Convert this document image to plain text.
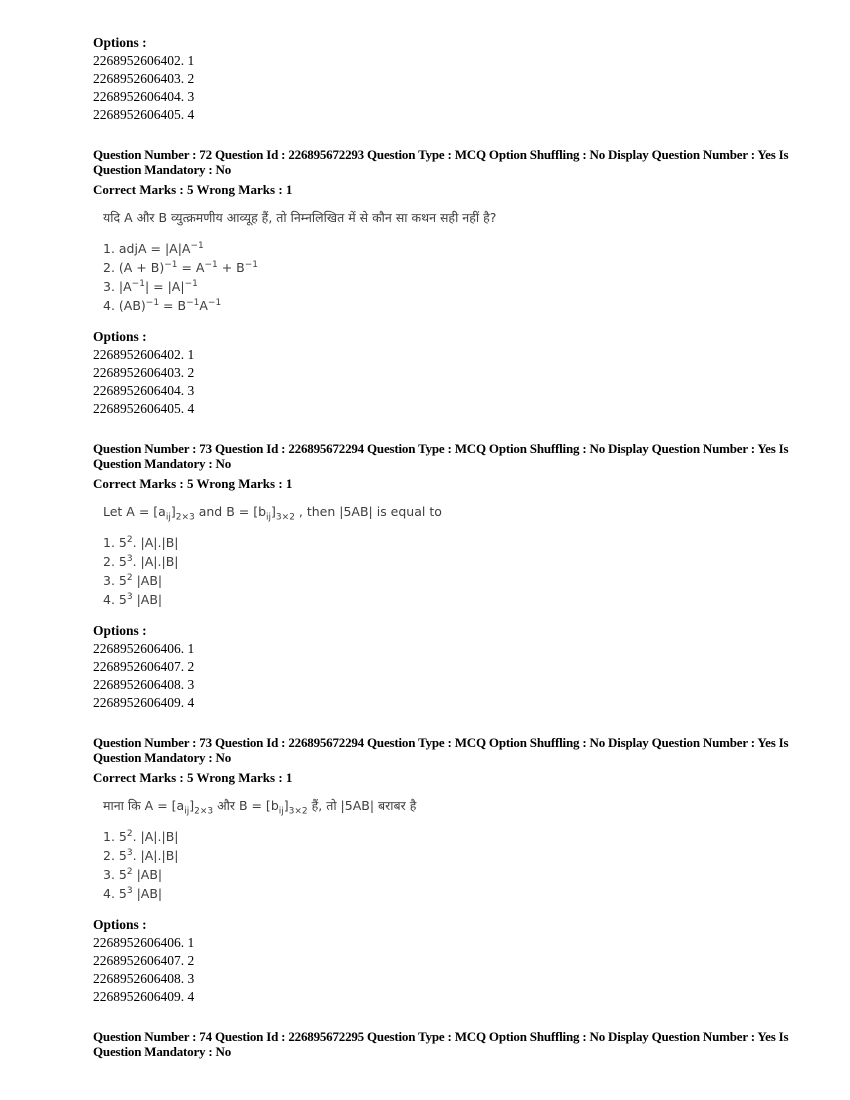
Options :
2268952606402. 1
2268952606403. 2
2268952606404. 3
2268952606405. 4
Question Number : 72 Question Id : 226895672293 Question Type : MCQ Option Shuffling : No Display Question Number : Yes Is
Question Mandatory : No
Correct Marks : 5 Wrong Marks : 1
यदि A और B व्युत्क्रमणीय आव्यूह हैं, तो निम्नलिखित में से कौन सा कथन सही नहीं है?
1. adjA = $|A|A^{-1}$
2. $(A + B)^{-1} = A^{-1} + B^{-1}$
3. $|A^{-1}| = |A|^{-1}$
4. $(AB)^{-1} = B^{-1}A^{-1}$
Options :
2268952606402. 1
2268952606403. 2
2268952606404. 3
2268952606405. 4
Question Number : 73 Question Id : 226895672294 Question Type : MCQ Option Shuffling : No Display Question Number : Yes Is
Question Mandatory : No
Correct Marks : 5 Wrong Marks : 1
Let $A = [a_{ij}]_{2\times 3}$ and $B = [b_{ij}]_{3\times 2}$ , then |5AB| is equal to
1. $5^2$. |A|.|B|
2. $5^3$. |A|.|B|
3. $5^2$ |AB|
4. $5^3$ |AB|
Options :
2268952606406. 1
2268952606407. 2
2268952606408. 3
2268952606409. 4
Question Number : 73 Question Id : 226895672294 Question Type : MCQ Option Shuffling : No Display Question Number : Yes Is
Question Mandatory : No
Correct Marks : 5 Wrong Marks : 1
माना कि $A = [a_{ij}]_{2\times 3}$ और $B = [b_{ij}]_{3\times 2}$ हैं, तो |5AB| बराबर है
1. $5^2$. |A|.|B|
2. $5^3$. |A|.|B|
3. $5^2$ |AB|
4. $5^3$ |AB|
Options :
2268952606406. 1
2268952606407. 2
2268952606408. 3
2268952606409. 4
Question Number : 74 Question Id : 226895672295 Question Type : MCQ Option Shuffling : No Display Question Number : Yes Is
Question Mandatory : No
